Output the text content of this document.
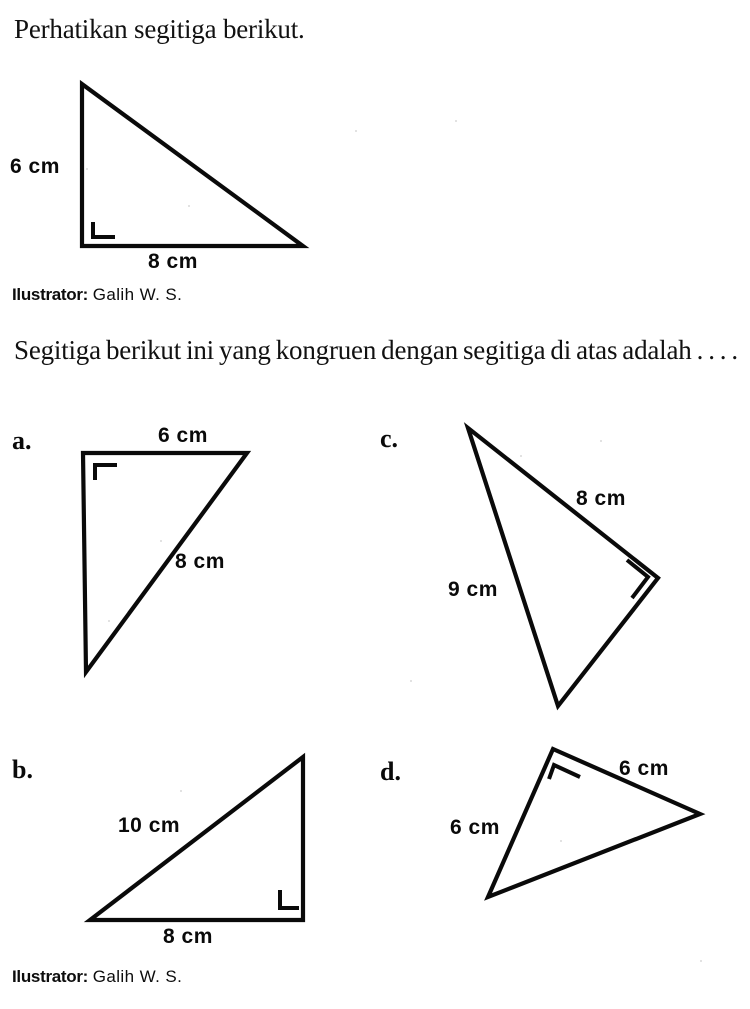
Perhatikan segitiga berikut.
6 cm
8 cm
Ilustrator: Galih W. S.
Segitiga berikut ini yang kongruen dengan segitiga di atas adalah . . . .
a.
b.
c.
d.
6 cm
8 cm
10 cm
8 cm
8 cm
9 cm
6 cm
6 cm
Ilustrator: Galih W. S.
